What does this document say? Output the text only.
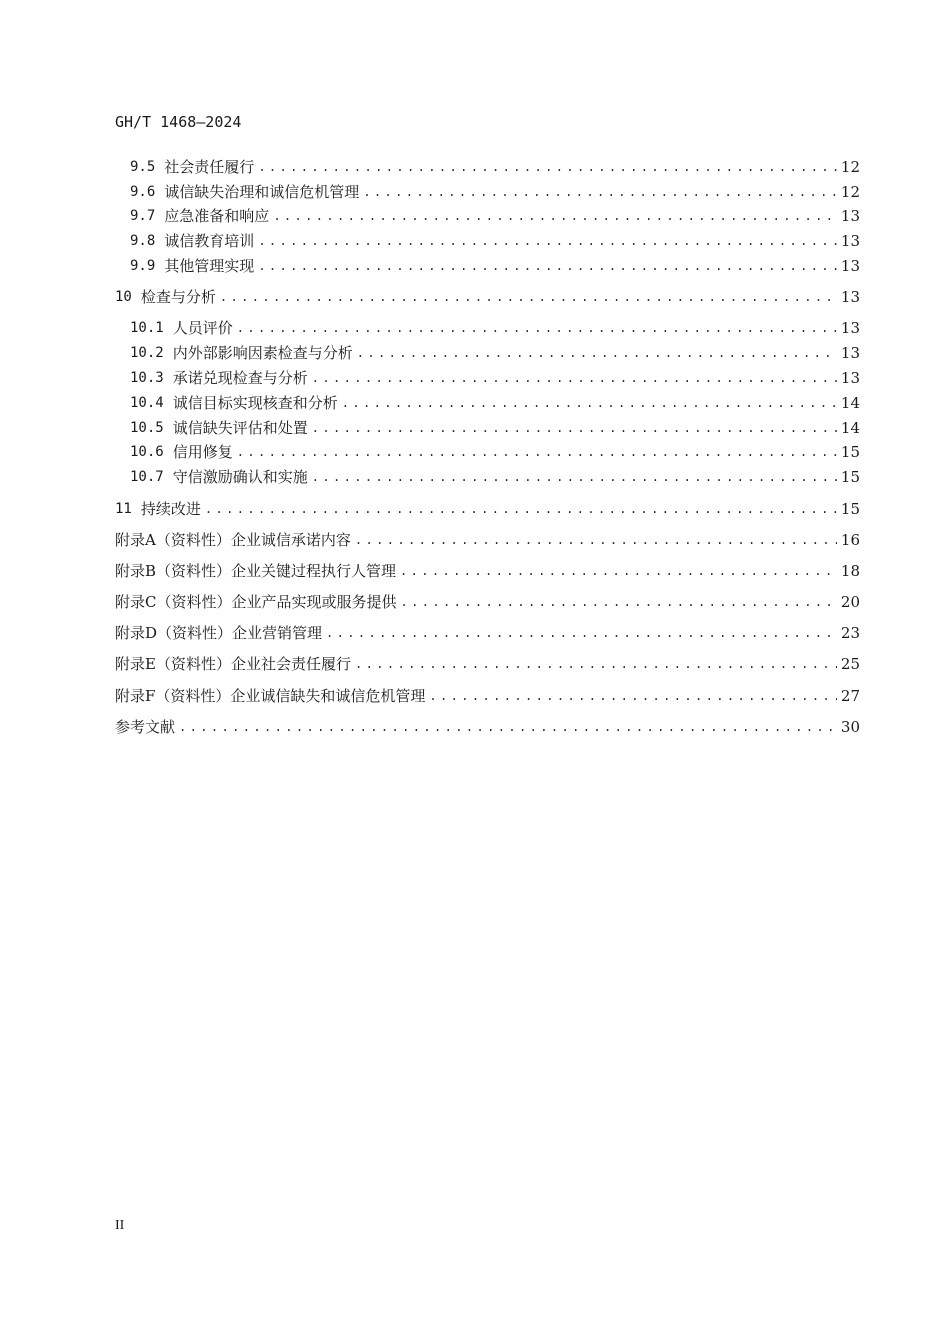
GH/T 1468—2024
9.5 社会责任履行 .....	12
9.6 诚信缺失治理和诚信危机管理 .....	12
9.7 应急准备和响应 .....	13
9.8 诚信教育培训 .....	13
9.9 其他管理实现 .....	13
10 检查与分析 .....	13
10.1 人员评价 .....	13
10.2 内外部影响因素检查与分析 .....	13
10.3 承诺兑现检查与分析 .....	13
10.4 诚信目标实现核查和分析 .....	14
10.5 诚信缺失评估和处置 .....	14
10.6 信用修复 .....	15
10.7 守信激励确认和实施 .....	15
11 持续改进 .....	15
附录A（资料性）企业诚信承诺内容 .....	16
附录B（资料性）企业关键过程执行人管理 .....	18
附录C（资料性）企业产品实现或服务提供 .....	20
附录D（资料性）企业营销管理 .....	23
附录E（资料性）企业社会责任履行 .....	25
附录F（资料性）企业诚信缺失和诚信危机管理 .....	27
参考文献 .....	30
II
